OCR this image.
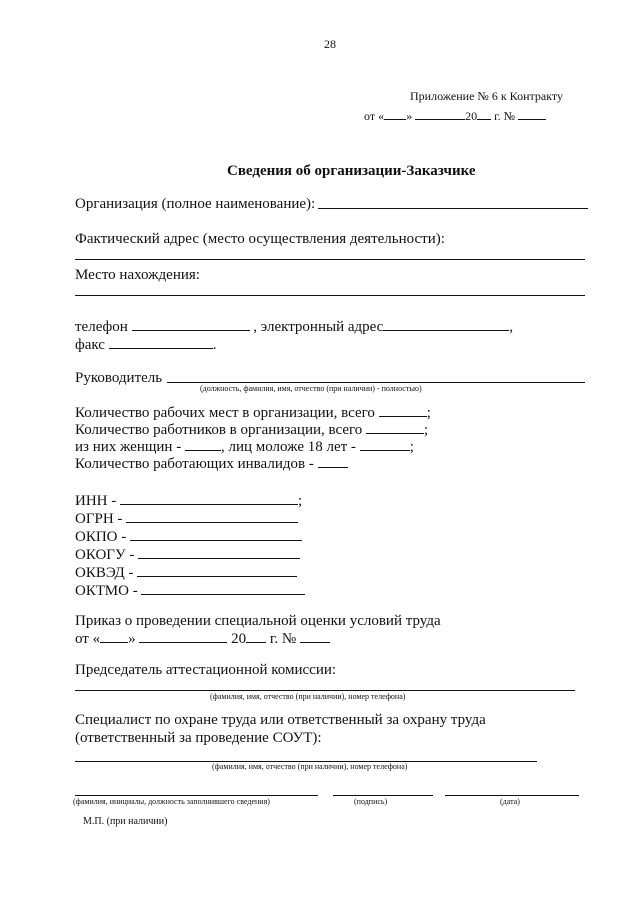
28
Приложение № 6 к Контракту
от « »	20 г. №
Сведения об организации-Заказчике
Организация (полное наименование):
Фактический адрес (место осуществления деятельности):
Место нахождения:
телефон	, электронный адрес	,
факс	.
Руководитель
(должность, фамилия, имя, отчество (при наличии) - полностью)
Количество рабочих мест в организации, всего	;
Количество работников в организации, всего	;
из них женщин -	, лиц моложе 18 лет -	;
Количество работающих инвалидов -
ИНН -	;
ОГРН -
ОКПО -
ОКОГУ -
ОКВЭД -
ОКТМО -
Приказ о проведении специальной оценки условий труда
от « »	20 г. №
Председатель аттестационной комиссии:
(фамилия, имя, отчество (при наличии), номер телефона)
Специалист по охране труда или ответственный за охрану труда
(ответственный за проведение СОУТ):
(фамилия, имя, отчество (при наличии), номер телефона)
(фамилия, инициалы, должность заполнившего сведения)	(подпись)	(дата)
М.П. (при наличии)
